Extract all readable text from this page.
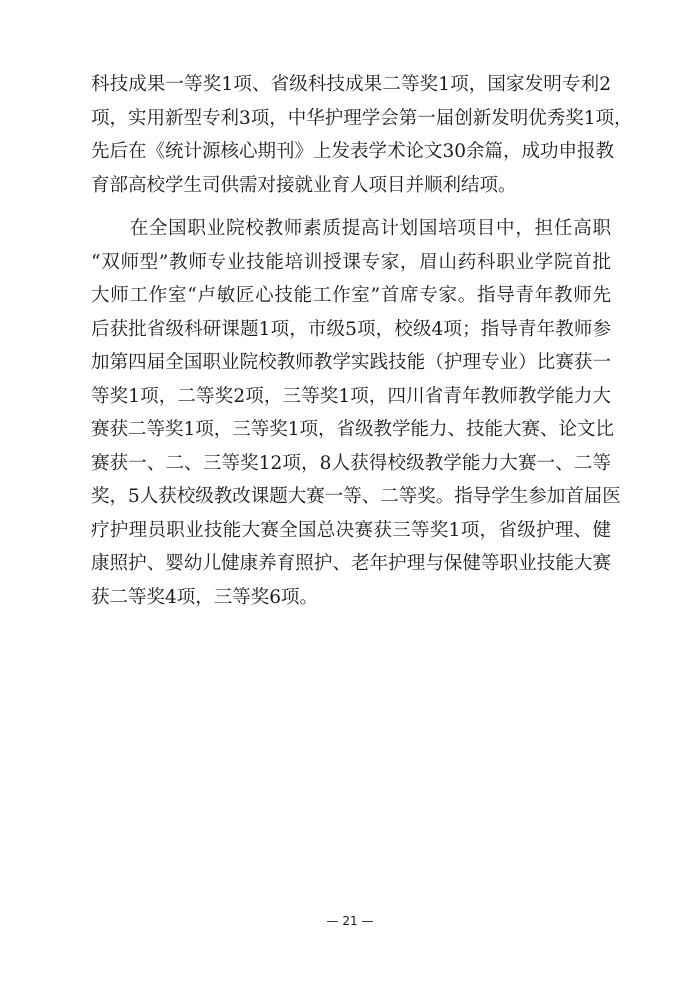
科技成果一等奖1项、省级科技成果二等奖1项，国家发明专利2
项，实用新型专利3项，中华护理学会第一届创新发明优秀奖1项，
先后在《统计源核心期刊》上发表学术论文30余篇，成功申报教
育部高校学生司供需对接就业育人项目并顺利结项。
　　在全国职业院校教师素质提高计划国培项目中，担任高职
“双师型”教师专业技能培训授课专家，眉山药科职业学院首批
大师工作室“卢敏匠心技能工作室”首席专家。指导青年教师先
后获批省级科研课题1项，市级5项，校级4项；指导青年教师参
加第四届全国职业院校教师教学实践技能（护理专业）比赛获一
等奖1项，二等奖2项，三等奖1项，四川省青年教师教学能力大
赛获二等奖1项，三等奖1项，省级教学能力、技能大赛、论文比
赛获一、二、三等奖12项，8人获得校级教学能力大赛一、二等
奖，5人获校级教改课题大赛一等、二等奖。指导学生参加首届医
疗护理员职业技能大赛全国总决赛获三等奖1项，省级护理、健
康照护、婴幼儿健康养育照护、老年护理与保健等职业技能大赛
获二等奖4项，三等奖6项。
— 21 —
